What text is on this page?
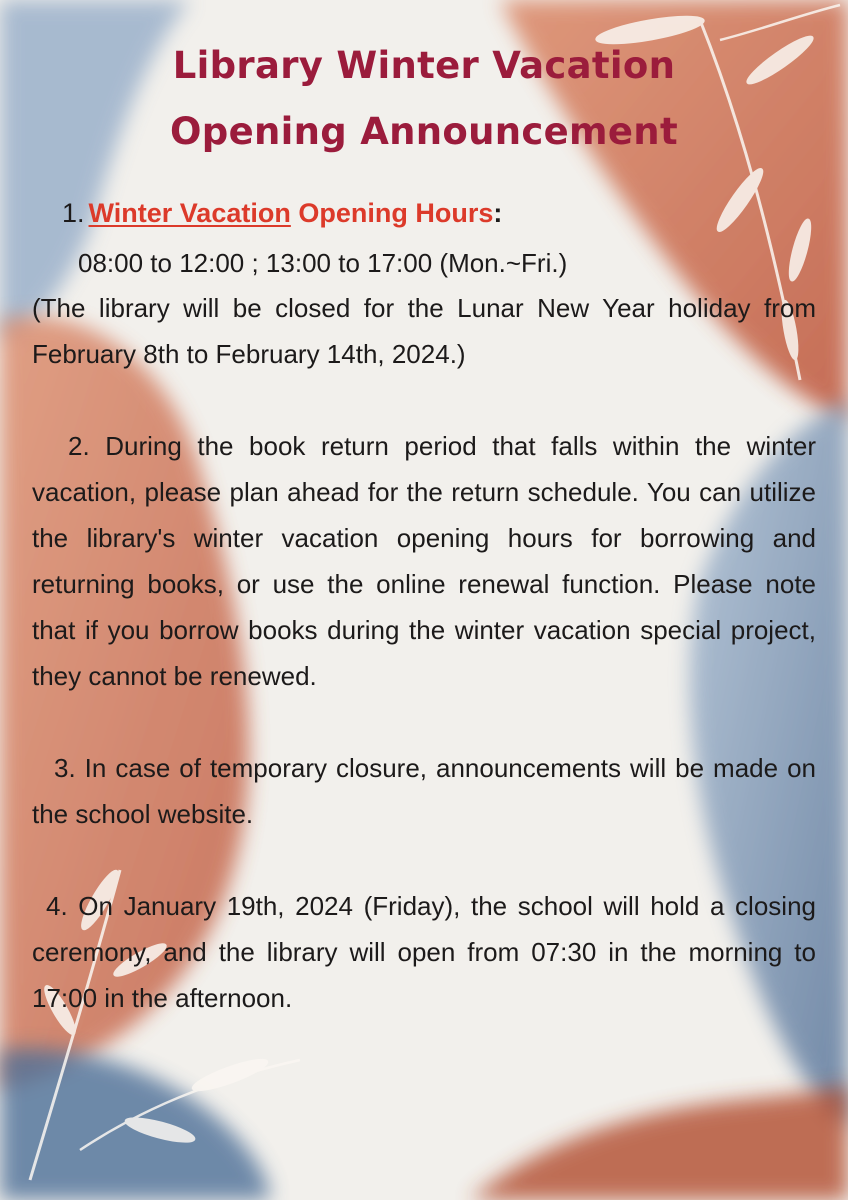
Library Winter Vacation
Opening Announcement
1. Winter Vacation Opening Hours:
08:00 to 12:00 ; 13:00 to 17:00 (Mon.~Fri.)

(The library will be closed for the Lunar New Year holiday from February 8th to February 14th, 2024.)

2. During the book return period that falls within the winter vacation, please plan ahead for the return schedule. You can utilize the library's winter vacation opening hours for borrowing and returning books, or use the online renewal function. Please note that if you borrow books during the winter vacation special project, they cannot be renewed.

3. In case of temporary closure, announcements will be made on the school website.

4. On January 19th, 2024 (Friday), the school will hold a closing ceremony, and the library will open from 07:30 in the morning to 17:00 in the afternoon.
